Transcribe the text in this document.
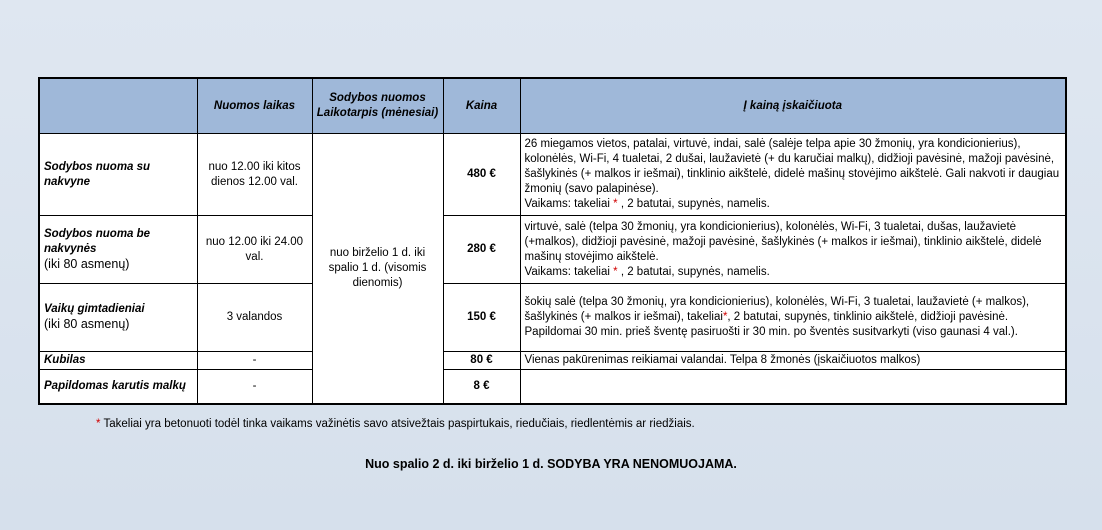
	Nuomos laikas	Sodybos nuomos Laikotarpis (mėnesiai)	Kaina	Į kainą įskaičiuota
Sodybos nuoma su nakvyne	nuo 12.00 iki kitos dienos 12.00 val.	nuo birželio 1 d. iki spalio 1 d. (visomis dienomis)	480 €	26 miegamos vietos, patalai, virtuvė, indai, salė (salėje telpa apie 30 žmonių, yra kondicionierius), kolonėlės, Wi-Fi, 4 tualetai, 2 dušai, laužavietė (+ du karučiai malkų), didžioji pavėsinė, mažoji pavėsinė, šašlykinės (+ malkos ir iešmai), tinklinio aikštelė, didelė mašinų stovėjimo aikštelė. Gali nakvoti ir daugiau žmonių (savo palapinėse).
Vaikams: takeliai * , 2 batutai, supynės, namelis.
Sodybos nuoma be nakvynės
(iki 80 asmenų)	nuo 12.00 iki 24.00 val.		280 €	virtuvė, salė (telpa 30 žmonių, yra kondicionierius), kolonėlės, Wi-Fi, 3 tualetai, dušas, laužavietė (+malkos), didžioji pavėsinė, mažoji pavėsinė, šašlykinės (+ malkos ir iešmai), tinklinio aikštelė, didelė mašinų stovėjimo aikštelė.
Vaikams: takeliai * , 2 batutai, supynės, namelis.
Vaikų gimtadieniai
(iki 80 asmenų)	3 valandos		150 €	šokių salė (telpa 30 žmonių, yra kondicionierius), kolonėlės, Wi-Fi, 3 tualetai, laužavietė (+ malkos), šašlykinės (+ malkos ir iešmai), takeliai*, 2 batutai, supynės, tinklinio aikštelė, didžioji pavėsinė. Papildomai 30 min. prieš šventę pasiruošti ir 30 min. po šventės susitvarkyti (viso gaunasi 4 val.).
Kubilas	-		80 €	Vienas pakūrenimas reikiamai valandai. Telpa 8 žmonės (įskaičiuotos malkos)
Papildomas karutis malkų	-		8 €	
* Takeliai yra betonuoti todėl tinka vaikams važinėtis savo atsivežtais paspirtukais, riedučiais, riedlentėmis ar riedžiais.
Nuo spalio 2 d. iki birželio 1 d. SODYBA YRA NENOMUOJAMA.
